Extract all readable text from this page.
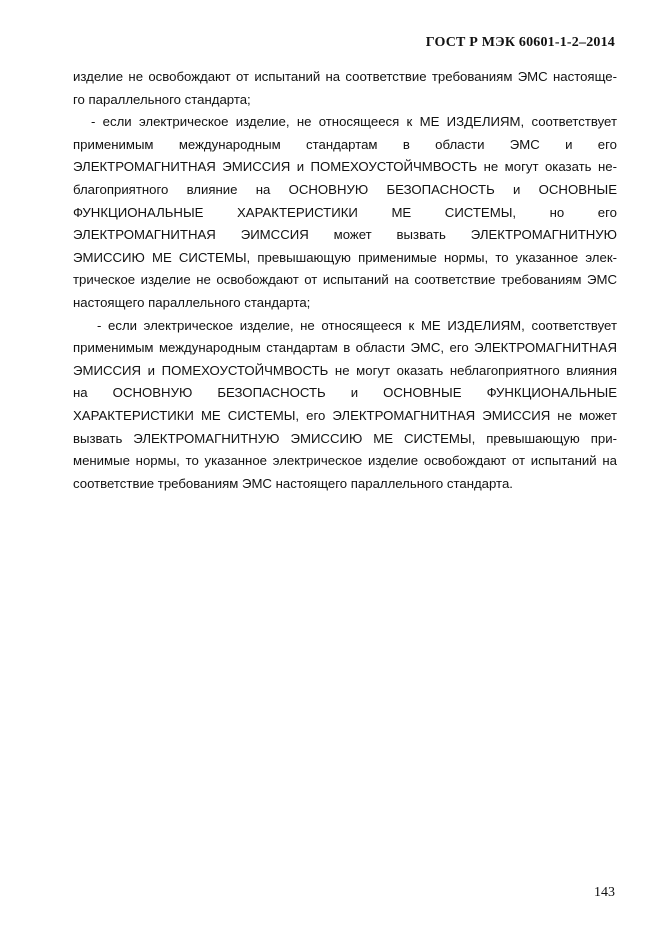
ГОСТ Р МЭК 60601-1-2–2014
изделие не освобождают от испытаний на соответствие требованиям ЭМС настояще-
го параллельного стандарта;
- если электрическое изделие, не относящееся к МЕ ИЗДЕЛИЯМ, соответствует
применимым международным стандартам в области ЭМС и его
ЭЛЕКТРОМАГНИТНАЯ ЭМИССИЯ и ПОМЕХОУСТОЙЧМВОСТЬ не могут оказать не-
благоприятного влияние на ОСНОВНУЮ БЕЗОПАСНОСТЬ и ОСНОВНЫЕ
ФУНКЦИОНАЛЬНЫЕ ХАРАКТЕРИСТИКИ МЕ СИСТЕМЫ, но его
ЭЛЕКТРОМАГНИТНАЯ ЭИМССИЯ может вызвать ЭЛЕКТРОМАГНИТНУЮ
ЭМИССИЮ МЕ СИСТЕМЫ, превышающую применимые нормы, то указанное элек-
трическое изделие не освобождают от испытаний на соответствие требованиям ЭМС
настоящего параллельного стандарта;
- если электрическое изделие, не относящееся к МЕ ИЗДЕЛИЯМ, соответствует
применимым международным стандартам в области ЭМС, его ЭЛЕКТРОМАГНИТНАЯ
ЭМИССИЯ и ПОМЕХОУСТОЙЧМВОСТЬ не могут оказать неблагоприятного влияния
на ОСНОВНУЮ БЕЗОПАСНОСТЬ и ОСНОВНЫЕ ФУНКЦИОНАЛЬНЫЕ
ХАРАКТЕРИСТИКИ МЕ СИСТЕМЫ, его ЭЛЕКТРОМАГНИТНАЯ ЭМИССИЯ не может
вызвать ЭЛЕКТРОМАГНИТНУЮ ЭМИССИЮ МЕ СИСТЕМЫ, превышающую при-
менимые нормы, то указанное электрическое изделие освобождают от испытаний на
соответствие требованиям ЭМС настоящего параллельного стандарта.
143
